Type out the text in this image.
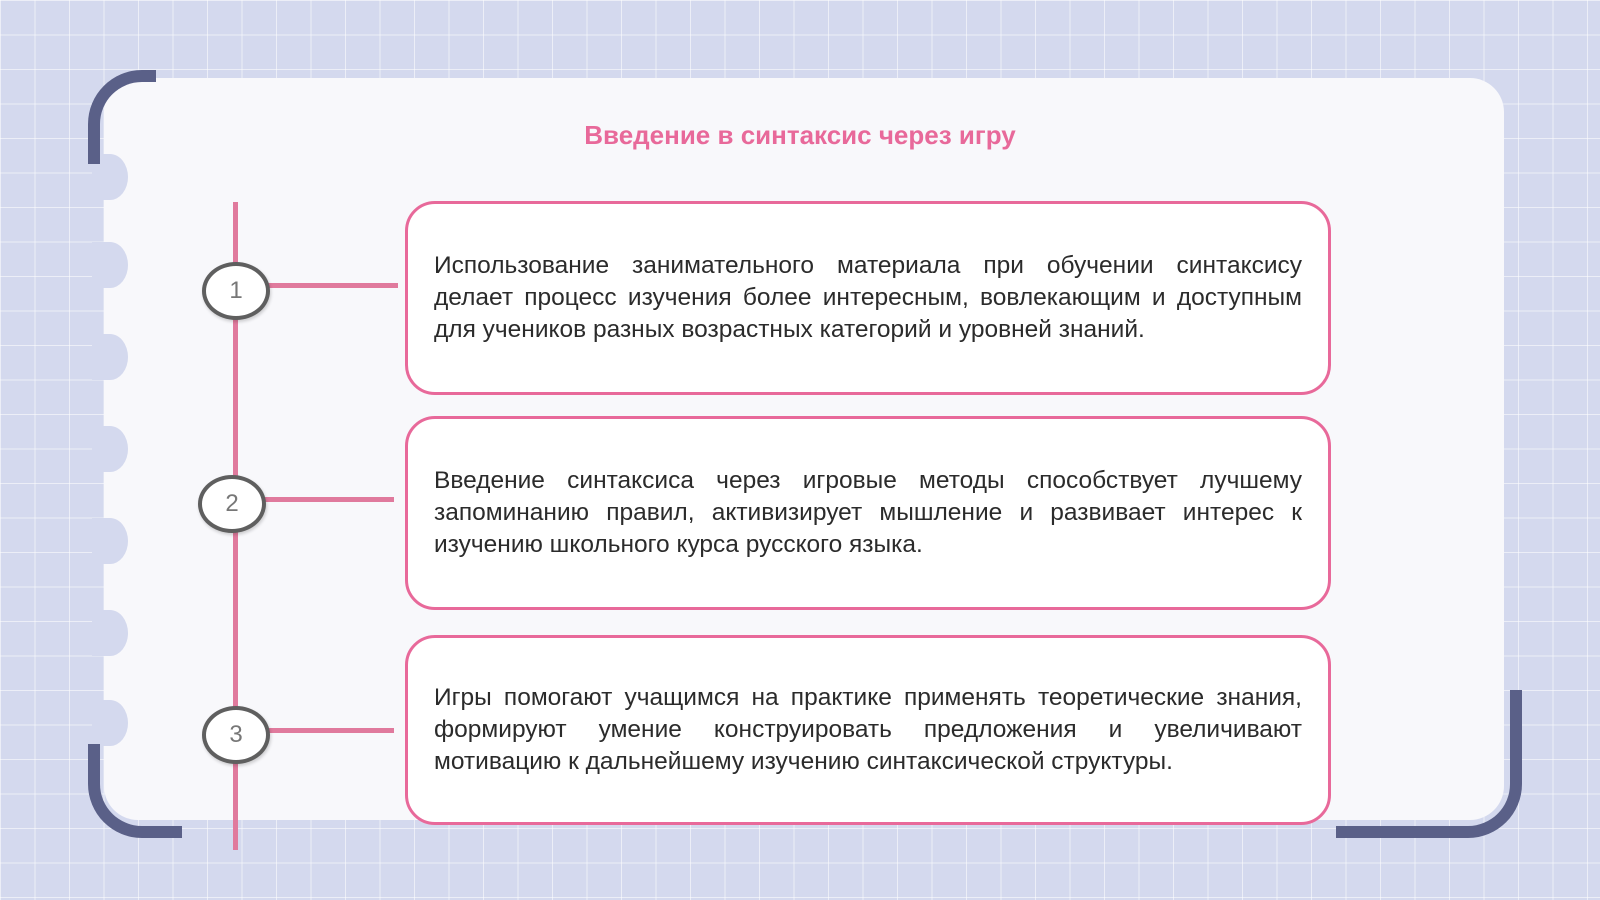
Введение в синтаксис через игру
1
2
3

Использование занимательного материала при обучении синтаксису делает процесс изучения более интересным, вовлекающим и доступным для учеников разных возрастных категорий и уровней знаний.

Введение синтаксиса через игровые методы способствует лучшему запоминанию правил, активизирует мышление и развивает интерес к изучению школьного курса русского языка.

Игры помогают учащимся на практике применять теоретические знания, формируют умение конструировать предложения и увеличивают мотивацию к дальнейшему изучению синтаксической структуры.
